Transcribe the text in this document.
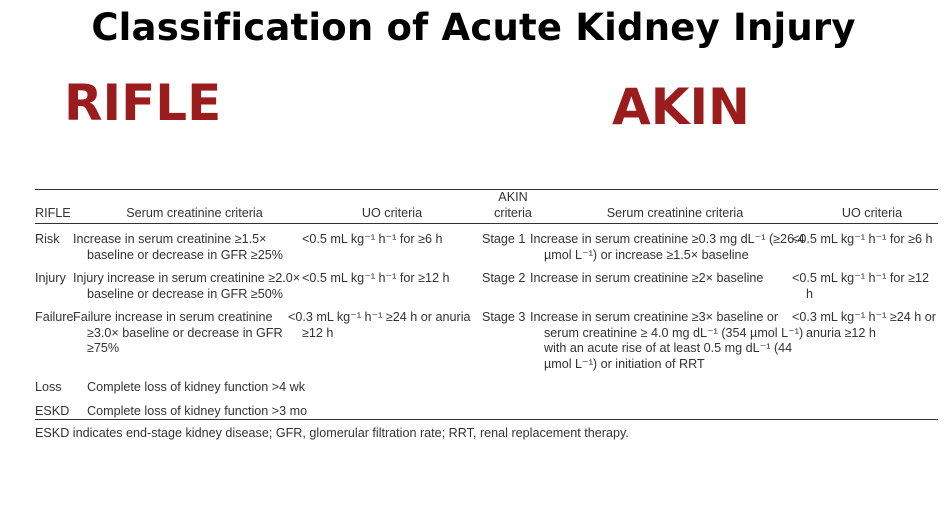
Classification of Acute Kidney Injury
RIFLE	AKIN
RIFLE	Serum creatinine criteria	UO criteria	AKIN criteria	Serum creatinine criteria	UO criteria
Risk	Increase in serum creatinine ≥1.5× baseline or decrease in GFR ≥25%	<0.5 mL kg⁻¹ h⁻¹ for ≥6 h	Stage 1	Increase in serum creatinine ≥0.3 mg dL⁻¹ (≥26.4 µmol L⁻¹) or increase ≥1.5× baseline	<0.5 mL kg⁻¹ h⁻¹ for ≥6 h
Injury	Injury increase in serum creatinine ≥2.0× baseline or decrease in GFR ≥50%	<0.5 mL kg⁻¹ h⁻¹ for ≥12 h	Stage 2	Increase in serum creatinine ≥2× baseline	<0.5 mL kg⁻¹ h⁻¹ for ≥12 h
Failure	Failure increase in serum creatinine ≥3.0× baseline or decrease in GFR ≥75%	<0.3 mL kg⁻¹ h⁻¹ ≥24 h or anuria ≥12 h	Stage 3	Increase in serum creatinine ≥3× baseline or serum creatinine ≥ 4.0 mg dL⁻¹ (354 µmol L⁻¹) with an acute rise of at least 0.5 mg dL⁻¹ (44 µmol L⁻¹) or initiation of RRT	<0.3 mL kg⁻¹ h⁻¹ ≥24 h or anuria ≥12 h
Loss	Complete loss of kidney function >4 wk				
ESKD	Complete loss of kidney function >3 mo				
ESKD indicates end-stage kidney disease; GFR, glomerular filtration rate; RRT, renal replacement therapy.					
